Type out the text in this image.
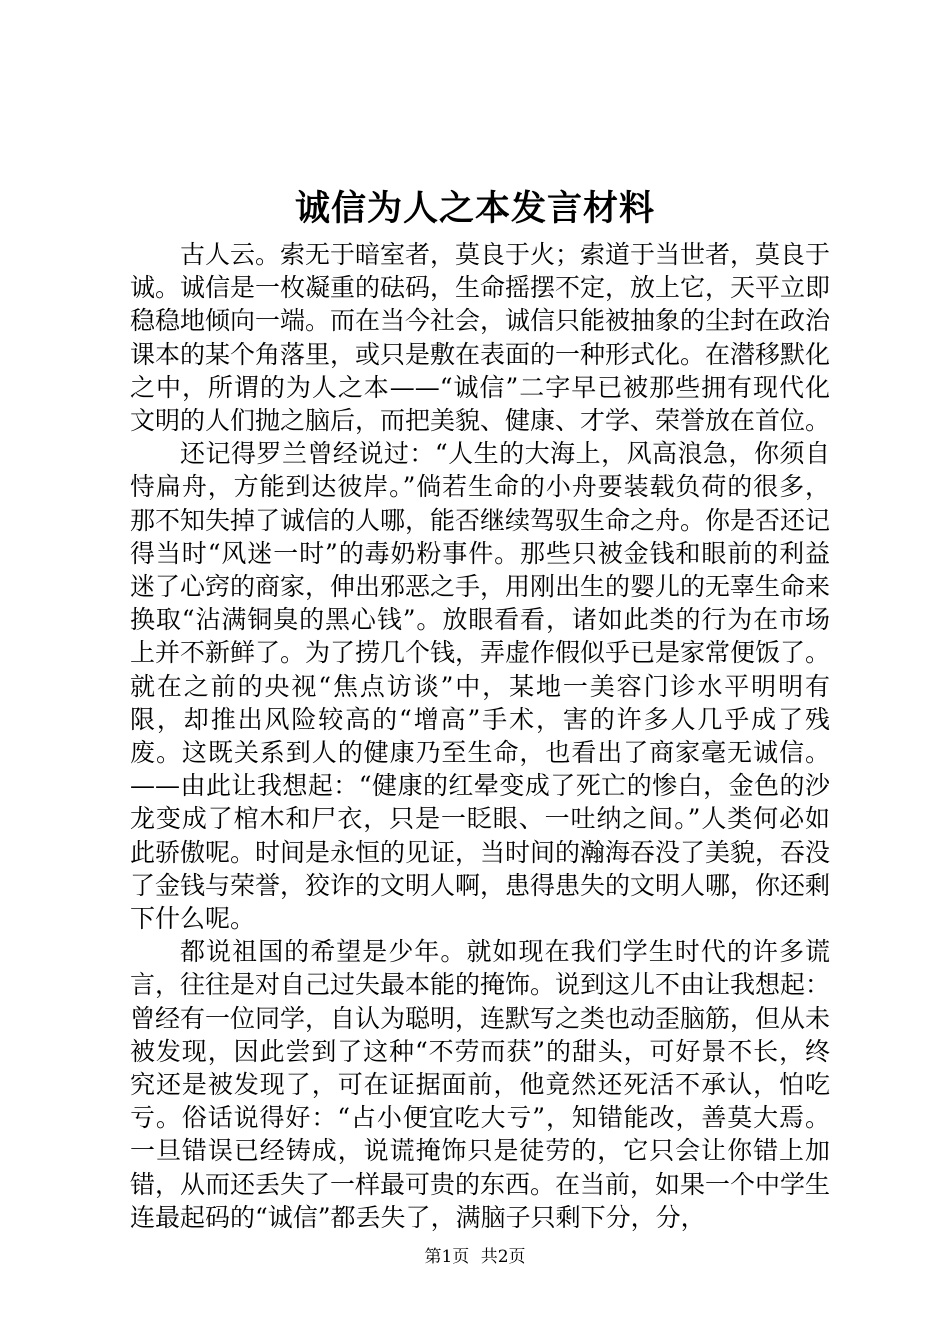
诚信为人之本发言材料

古人云。索无于暗室者，莫良于火；索道于当世者，莫良于诚。诚信是一枚凝重的砝码，生命摇摆不定，放上它，天平立即稳稳地倾向一端。而在当今社会，诚信只能被抽象的尘封在政治课本的某个角落里，或只是敷在表面的一种形式化。在潜移默化之中，所谓的为人之本——“诚信”二字早已被那些拥有现代化文明的人们抛之脑后，而把美貌、健康、才学、荣誉放在首位。

还记得罗兰曾经说过：“人生的大海上，风高浪急，你须自恃扁舟，方能到达彼岸。”倘若生命的小舟要装载负荷的很多，那不知失掉了诚信的人哪，能否继续驾驭生命之舟。你是否还记得当时“风迷一时”的毒奶粉事件。那些只被金钱和眼前的利益迷了心窍的商家，伸出邪恶之手，用刚出生的婴儿的无辜生命来换取“沾满铜臭的黑心钱”。放眼看看，诸如此类的行为在市场上并不新鲜了。为了捞几个钱，弄虚作假似乎已是家常便饭了。就在之前的央视“焦点访谈”中，某地一美容门诊水平明明有限，却推出风险较高的“增高”手术，害的许多人几乎成了残废。这既关系到人的健康乃至生命，也看出了商家毫无诚信。——由此让我想起：“健康的红晕变成了死亡的惨白，金色的沙龙变成了棺木和尸衣，只是一眨眼、一吐纳之间。”人类何必如此骄傲呢。时间是永恒的见证，当时间的瀚海吞没了美貌，吞没了金钱与荣誉，狡诈的文明人啊，患得患失的文明人哪，你还剩下什么呢。

都说祖国的希望是少年。就如现在我们学生时代的许多谎言，往往是对自己过失最本能的掩饰。说到这儿不由让我想起：曾经有一位同学，自认为聪明，连默写之类也动歪脑筋，但从未被发现，因此尝到了这种“不劳而获”的甜头，可好景不长，终究还是被发现了，可在证据面前，他竟然还死活不承认，怕吃亏。俗话说得好：“占小便宜吃大亏”，知错能改，善莫大焉。一旦错误已经铸成，说谎掩饰只是徒劳的，它只会让你错上加错，从而还丢失了一样最可贵的东西。在当前，如果一个中学生连最起码的“诚信”都丢失了，满脑子只剩下分，分，

第1页 共2页
